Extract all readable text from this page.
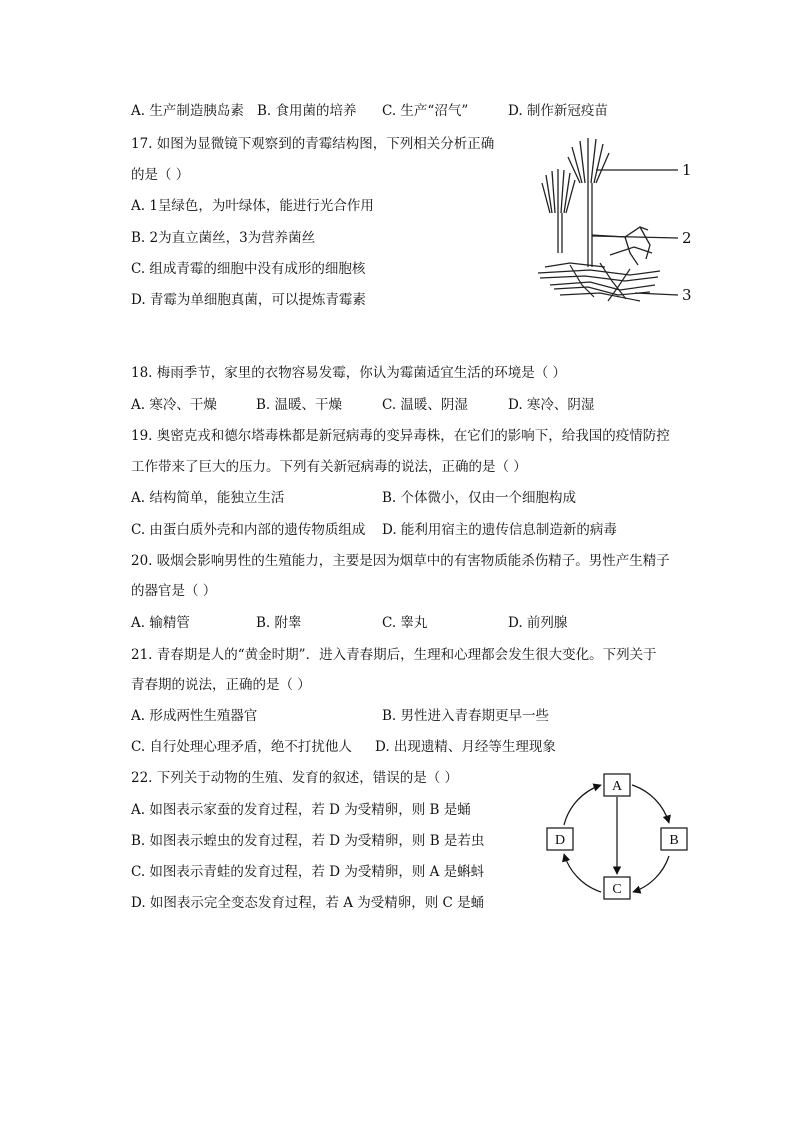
A. 生产制造胰岛素 B. 食用菌的培养 C. 生产“沼气”	D. 制作新冠疫苗
17. 如图为显微镜下观察到的青霉结构图，下列相关分析正确
的是（ ）
A. 1呈绿色，为叶绿体，能进行光合作用
B. 2为直立菌丝，3为营养菌丝
C. 组成青霉的细胞中没有成形的细胞核
D. 青霉为单细胞真菌，可以提炼青霉素
1
2
3
18. 梅雨季节，家里的衣物容易发霉，你认为霉菌适宜生活的环境是（ ）
A. 寒冷、干燥	B. 温暖、干燥	C. 温暖、阴湿	D. 寒冷、阴湿
19. 奥密克戎和德尔塔毒株都是新冠病毒的变异毒株，在它们的影响下，给我国的疫情防控
工作带来了巨大的压力。下列有关新冠病毒的说法，正确的是（ ）
A. 结构简单，能独立生活	B. 个体微小，仅由一个细胞构成
C. 由蛋白质外壳和内部的遗传物质组成 D. 能利用宿主的遗传信息制造新的病毒
20. 吸烟会影响男性的生殖能力，主要是因为烟草中的有害物质能杀伤精子。男性产生精子
的器官是（ ）
A. 输精管	B. 附睾	C. 睾丸	D. 前列腺
21. 青春期是人的“黄金时期”．进入青春期后，生理和心理都会发生很大变化。下列关于
青春期的说法，正确的是（ ）
A. 形成两性生殖器官	B. 男性进入青春期更早一些
C. 自行处理心理矛盾，绝不打扰他人 D. 出现遗精、月经等生理现象
22. 下列关于动物的生殖、发育的叙述，错误的是（ ）
A. 如图表示家蚕的发育过程，若 D 为受精卵，则 B 是蛹
B. 如图表示蝗虫的发育过程，若 D 为受精卵，则 B 是若虫
C. 如图表示青蛙的发育过程，若 D 为受精卵，则 A 是蝌蚪
D. 如图表示完全变态发育过程，若 A 为受精卵，则 C 是蛹
A
B
C
D
